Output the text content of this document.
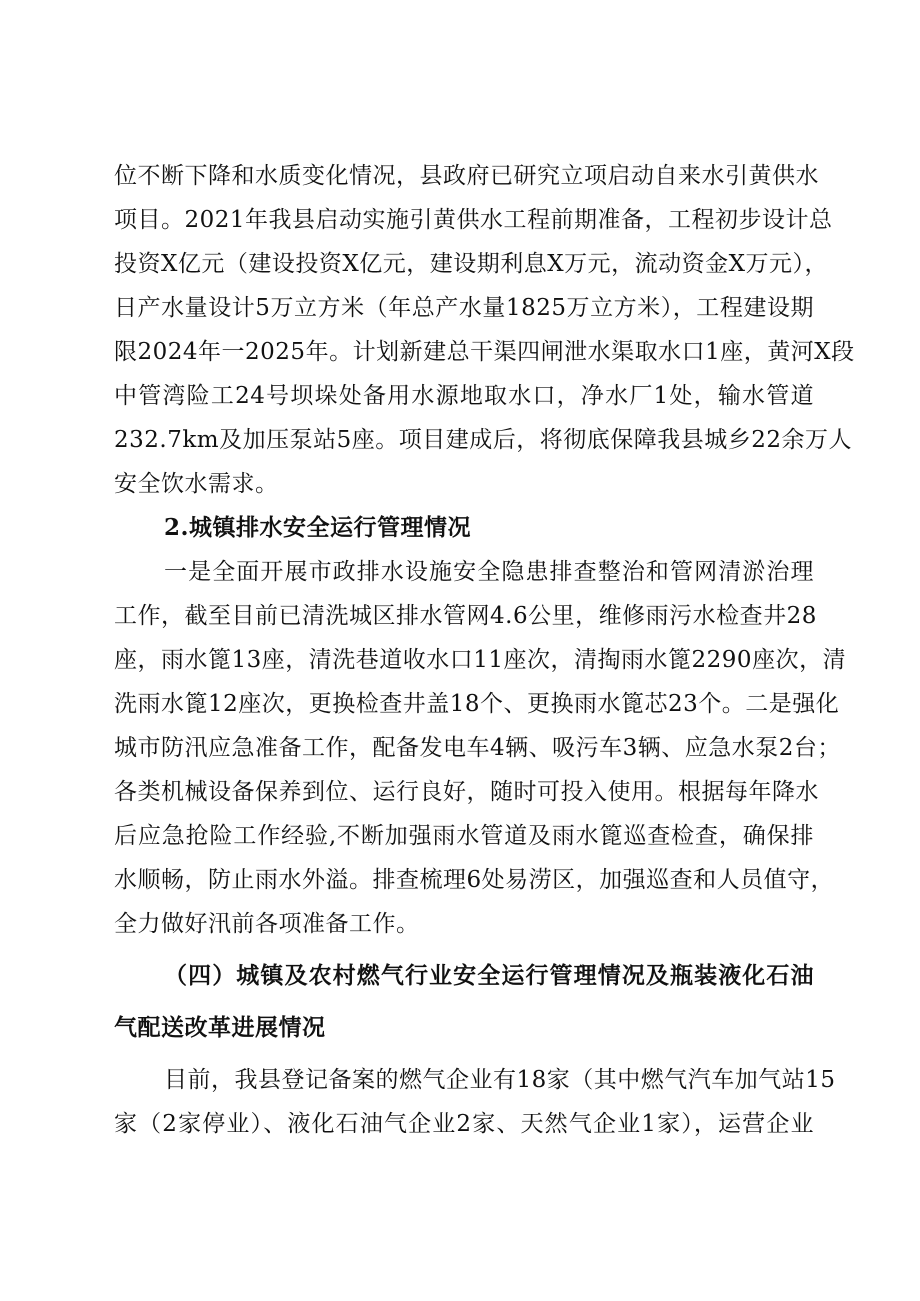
位不断下降和水质变化情况，县政府已研究立项启动自来水引黄供水
项目。2021年我县启动实施引黄供水工程前期准备，工程初步设计总
投资X亿元（建设投资X亿元，建设期利息X万元，流动资金X万元），
日产水量设计5万立方米（年总产水量1825万立方米），工程建设期
限2024年一2025年。计划新建总干渠四闸泄水渠取水口1座，黄河X段
中管湾险工24号坝垛处备用水源地取水口，净水厂1处，输水管道
232.7km及加压泵站5座。项目建成后，将彻底保障我县城乡22余万人
安全饮水需求。
2.城镇排水安全运行管理情况
一是全面开展市政排水设施安全隐患排查整治和管网清淤治理
工作，截至目前已清洗城区排水管网4.6公里，维修雨污水检查井28
座，雨水篦13座，清洗巷道收水口11座次，清掏雨水篦2290座次，清
洗雨水篦12座次，更换检查井盖18个、更换雨水篦芯23个。二是强化
城市防汛应急准备工作，配备发电车4辆、吸污车3辆、应急水泵2台；
各类机械设备保养到位、运行良好，随时可投入使用。根据每年降水
后应急抢险工作经验,不断加强雨水管道及雨水篦巡查检查，确保排
水顺畅，防止雨水外溢。排查梳理6处易涝区，加强巡查和人员值守，
全力做好汛前各项准备工作。
（四）城镇及农村燃气行业安全运行管理情况及瓶装液化石油
气配送改革进展情况
目前，我县登记备案的燃气企业有18家（其中燃气汽车加气站15
家（2家停业）、液化石油气企业2家、天然气企业1家），运营企业
